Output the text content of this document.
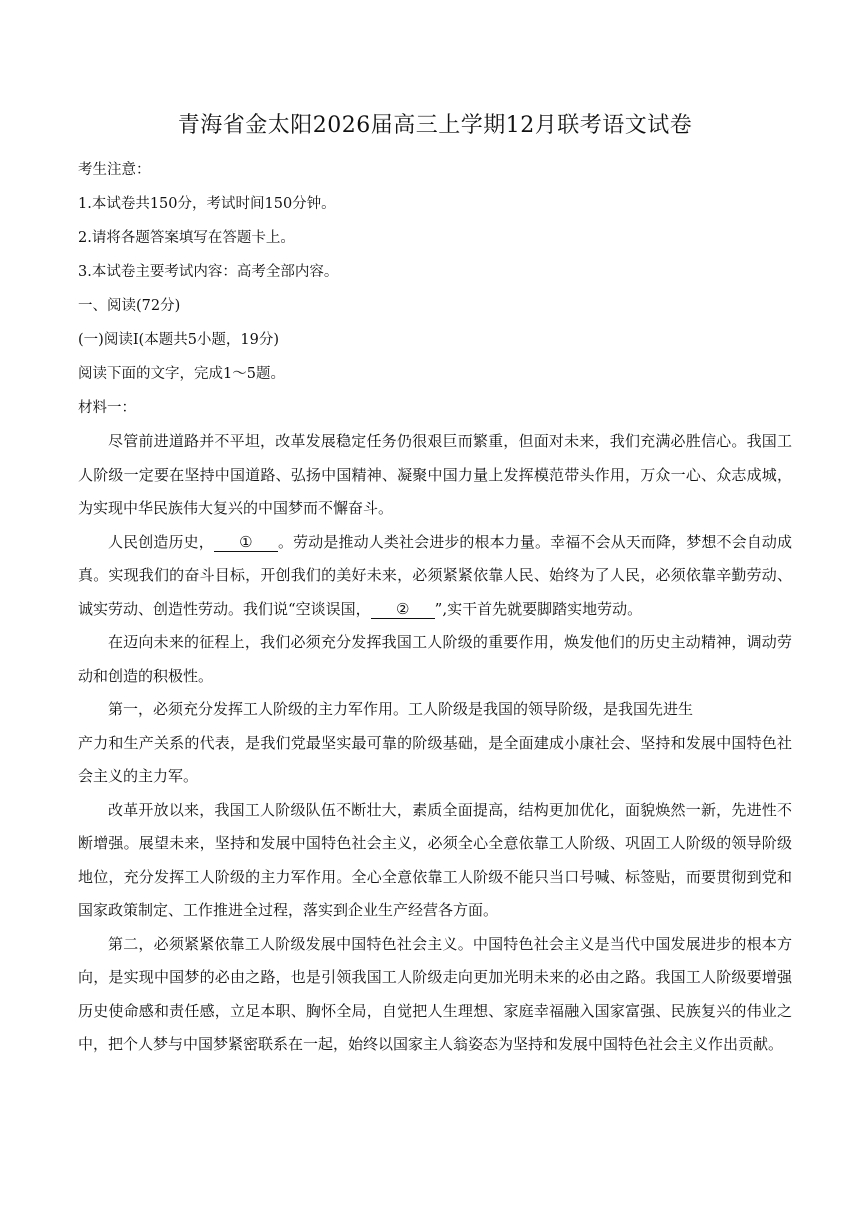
青海省金太阳2026届高三上学期12月联考语文试卷

考生注意：

1.本试卷共150分，考试时间150分钟。

2.请将各题答案填写在答题卡上。

3.本试卷主要考试内容：高考全部内容。

一、阅读(72分)

(一)阅读I(本题共5小题，19分)

阅读下面的文字，完成1～5题。

材料一：

尽管前进道路并不平坦，改革发展稳定任务仍很艰巨而繁重，但面对未来，我们充满必胜信心。我国工人阶级一定要在坚持中国道路、弘扬中国精神、凝聚中国力量上发挥模范带头作用，万众一心、众志成城，为实现中华民族伟大复兴的中国梦而不懈奋斗。

人民创造历史， ① 。劳动是推动人类社会进步的根本力量。幸福不会从天而降，梦想不会自动成真。实现我们的奋斗目标，开创我们的美好未来，必须紧紧依靠人民、始终为了人民，必须依靠辛勤劳动、诚实劳动、创造性劳动。我们说“空谈误国， ② ”,实干首先就要脚踏实地劳动。

在迈向未来的征程上，我们必须充分发挥我国工人阶级的重要作用，焕发他们的历史主动精神，调动劳动和创造的积极性。

第一，必须充分发挥工人阶级的主力军作用。工人阶级是我国的领导阶级，是我国先进生

产力和生产关系的代表，是我们党最坚实最可靠的阶级基础，是全面建成小康社会、坚持和发展中国特色社会主义的主力军。

改革开放以来，我国工人阶级队伍不断壮大，素质全面提高，结构更加优化，面貌焕然一新，先进性不断增强。展望未来，坚持和发展中国特色社会主义，必须全心全意依靠工人阶级、巩固工人阶级的领导阶级地位，充分发挥工人阶级的主力军作用。全心全意依靠工人阶级不能只当口号喊、标签贴，而要贯彻到党和国家政策制定、工作推进全过程，落实到企业生产经营各方面。

第二，必须紧紧依靠工人阶级发展中国特色社会主义。中国特色社会主义是当代中国发展进步的根本方向，是实现中国梦的必由之路，也是引领我国工人阶级走向更加光明未来的必由之路。我国工人阶级要增强历史使命感和责任感，立足本职、胸怀全局，自觉把人生理想、家庭幸福融入国家富强、民族复兴的伟业之中，把个人梦与中国梦紧密联系在一起，始终以国家主人翁姿态为坚持和发展中国特色社会主义作出贡献。
